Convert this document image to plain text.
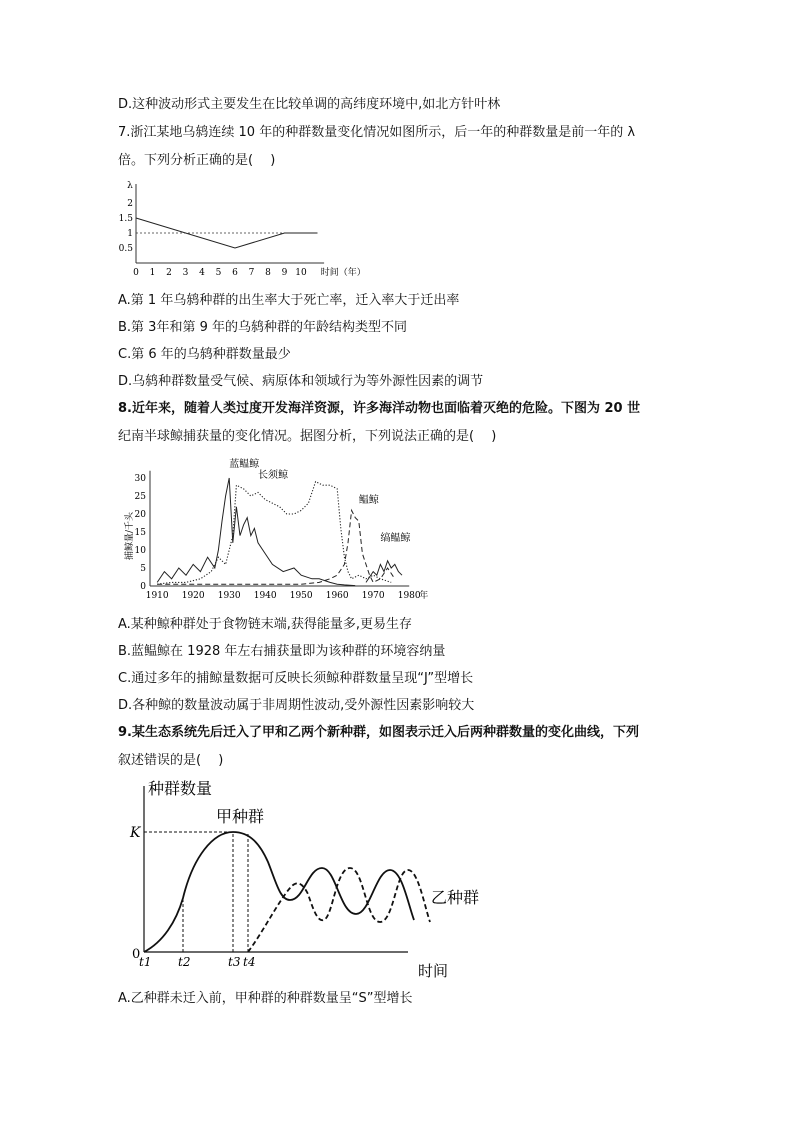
D.这种波动形式主要发生在比较单调的高纬度环境中,如北方针叶林
7.浙江某地乌鸫连续 10 年的种群数量变化情况如图所示，后一年的种群数量是前一年的 λ
倍。下列分析正确的是(　 )
λ
0.5
1
1.5
2
0 1 2 3 4 5 6 7 8 9 10 时间（年）
A.第 1 年乌鸫种群的出生率大于死亡率，迁入率大于迁出率
B.第 3年和第 9 年的乌鸫种群的年龄结构类型不同
C.第 6 年的乌鸫种群数量最少
D.乌鸫种群数量受气候、病原体和领域行为等外源性因素的调节
8.近年来，随着人类过度开发海洋资源，许多海洋动物也面临着灭绝的危险。下图为 20 世
纪南半球鲸捕获量的变化情况。据图分析，下列说法正确的是(　 )
0
5
10
15
20
25
30
1910 1920 1930 1940 1950 1960 1970 1980
年
捕鲸量/千头
蓝鳁鲸
长须鲸
鳁鲸
缟鳁鲸
A.某种鲸种群处于食物链末端,获得能量多,更易生存
B.蓝鳁鲸在 1928 年左右捕获量即为该种群的环境容纳量
C.通过多年的捕鲸量数据可反映长须鲸种群数量呈现“J”型增长
D.各种鲸的数量波动属于非周期性波动,受外源性因素影响较大
9.某生态系统先后迁入了甲和乙两个新种群，如图表示迁入后两种群数量的变化曲线，下列
叙述错误的是(　 )
种群数量
时间
K
0
t1 t2	t3 t4
甲种群
乙种群
A.乙种群未迁入前，甲种群的种群数量呈“S”型增长
